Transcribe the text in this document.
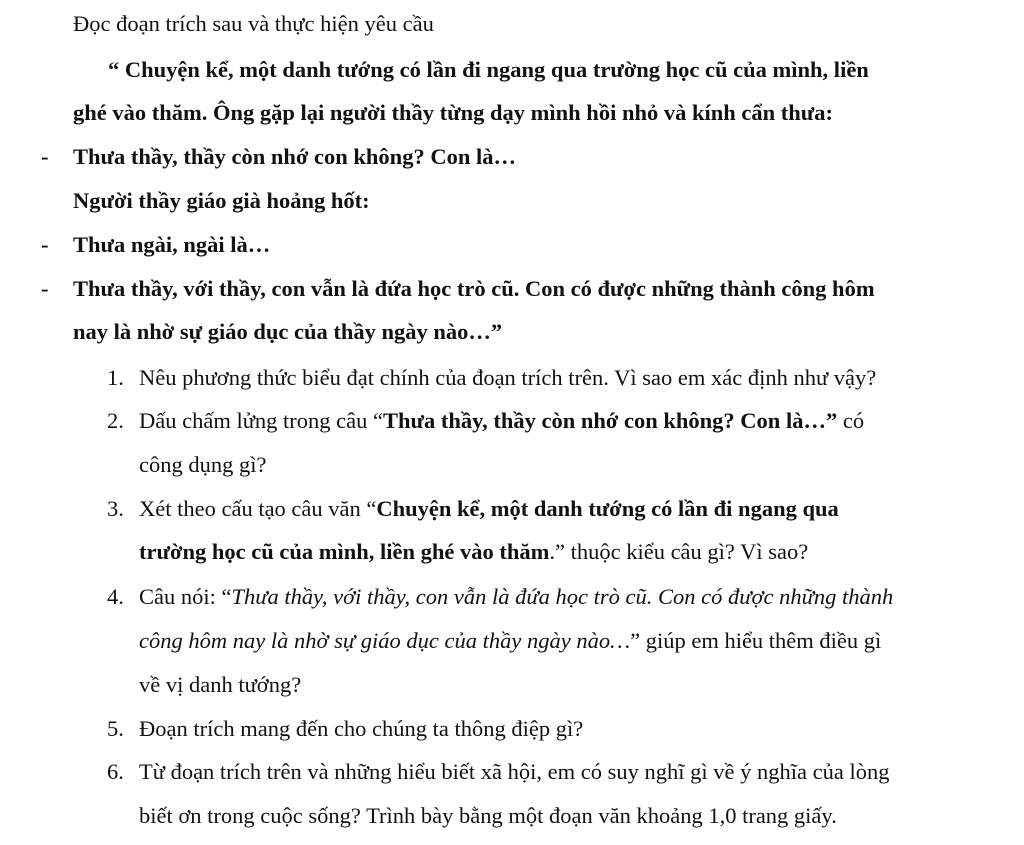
Đọc đoạn trích sau và thực hiện yêu cầu
“ Chuyện kể, một danh tướng có lần đi ngang qua trường học cũ của mình, liền
ghé vào thăm. Ông gặp lại người thầy từng dạy mình hồi nhỏ và kính cẩn thưa:
- Thưa thầy, thầy còn nhớ con không? Con là…
Người thầy giáo già hoảng hốt:
- Thưa ngài, ngài là…
- Thưa thầy, với thầy, con vẫn là đứa học trò cũ. Con có được những thành công hôm
nay là nhờ sự giáo dục của thầy ngày nào…”
1. Nêu phương thức biểu đạt chính của đoạn trích trên. Vì sao em xác định như vậy?
2. Dấu chấm lửng trong câu “Thưa thầy, thầy còn nhớ con không? Con là…” có
công dụng gì?
3. Xét theo cấu tạo câu văn “Chuyện kể, một danh tướng có lần đi ngang qua
trường học cũ của mình, liền ghé vào thăm.” thuộc kiểu câu gì? Vì sao?
4. Câu nói: “Thưa thầy, với thầy, con vẫn là đứa học trò cũ. Con có được những thành
công hôm nay là nhờ sự giáo dục của thầy ngày nào…” giúp em hiểu thêm điều gì
về vị danh tướng?
5. Đoạn trích mang đến cho chúng ta thông điệp gì?
6. Từ đoạn trích trên và những hiểu biết xã hội, em có suy nghĩ gì về ý nghĩa của lòng
biết ơn trong cuộc sống? Trình bày bằng một đoạn văn khoảng 1,0 trang giấy.
